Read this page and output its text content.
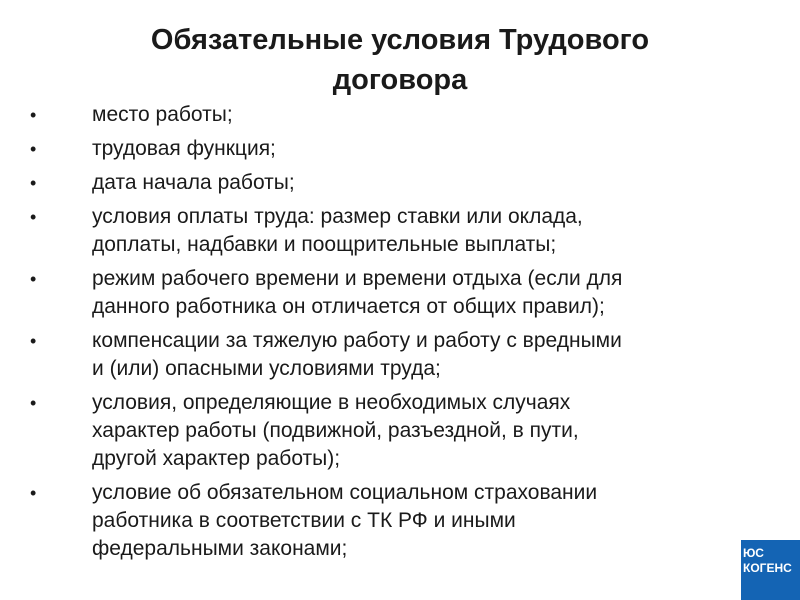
Обязательные условия Трудового
договора
•	место работы;
•	трудовая функция;
•	дата начала работы;
•	условия оплаты труда: размер ставки или оклада,
доплаты, надбавки и поощрительные выплаты;
•	режим рабочего времени и времени отдыха (если для
данного работника он отличается от общих правил);
•	компенсации за тяжелую работу и работу с вредными
и (или) опасными условиями труда;
•	условия, определяющие в необходимых случаях
характер работы (подвижной, разъездной, в пути,
другой характер работы);
•	условие об обязательном социальном страховании
работника в соответствии с ТК РФ и иными
федеральными законами;	ЮС
КОГЕНС
